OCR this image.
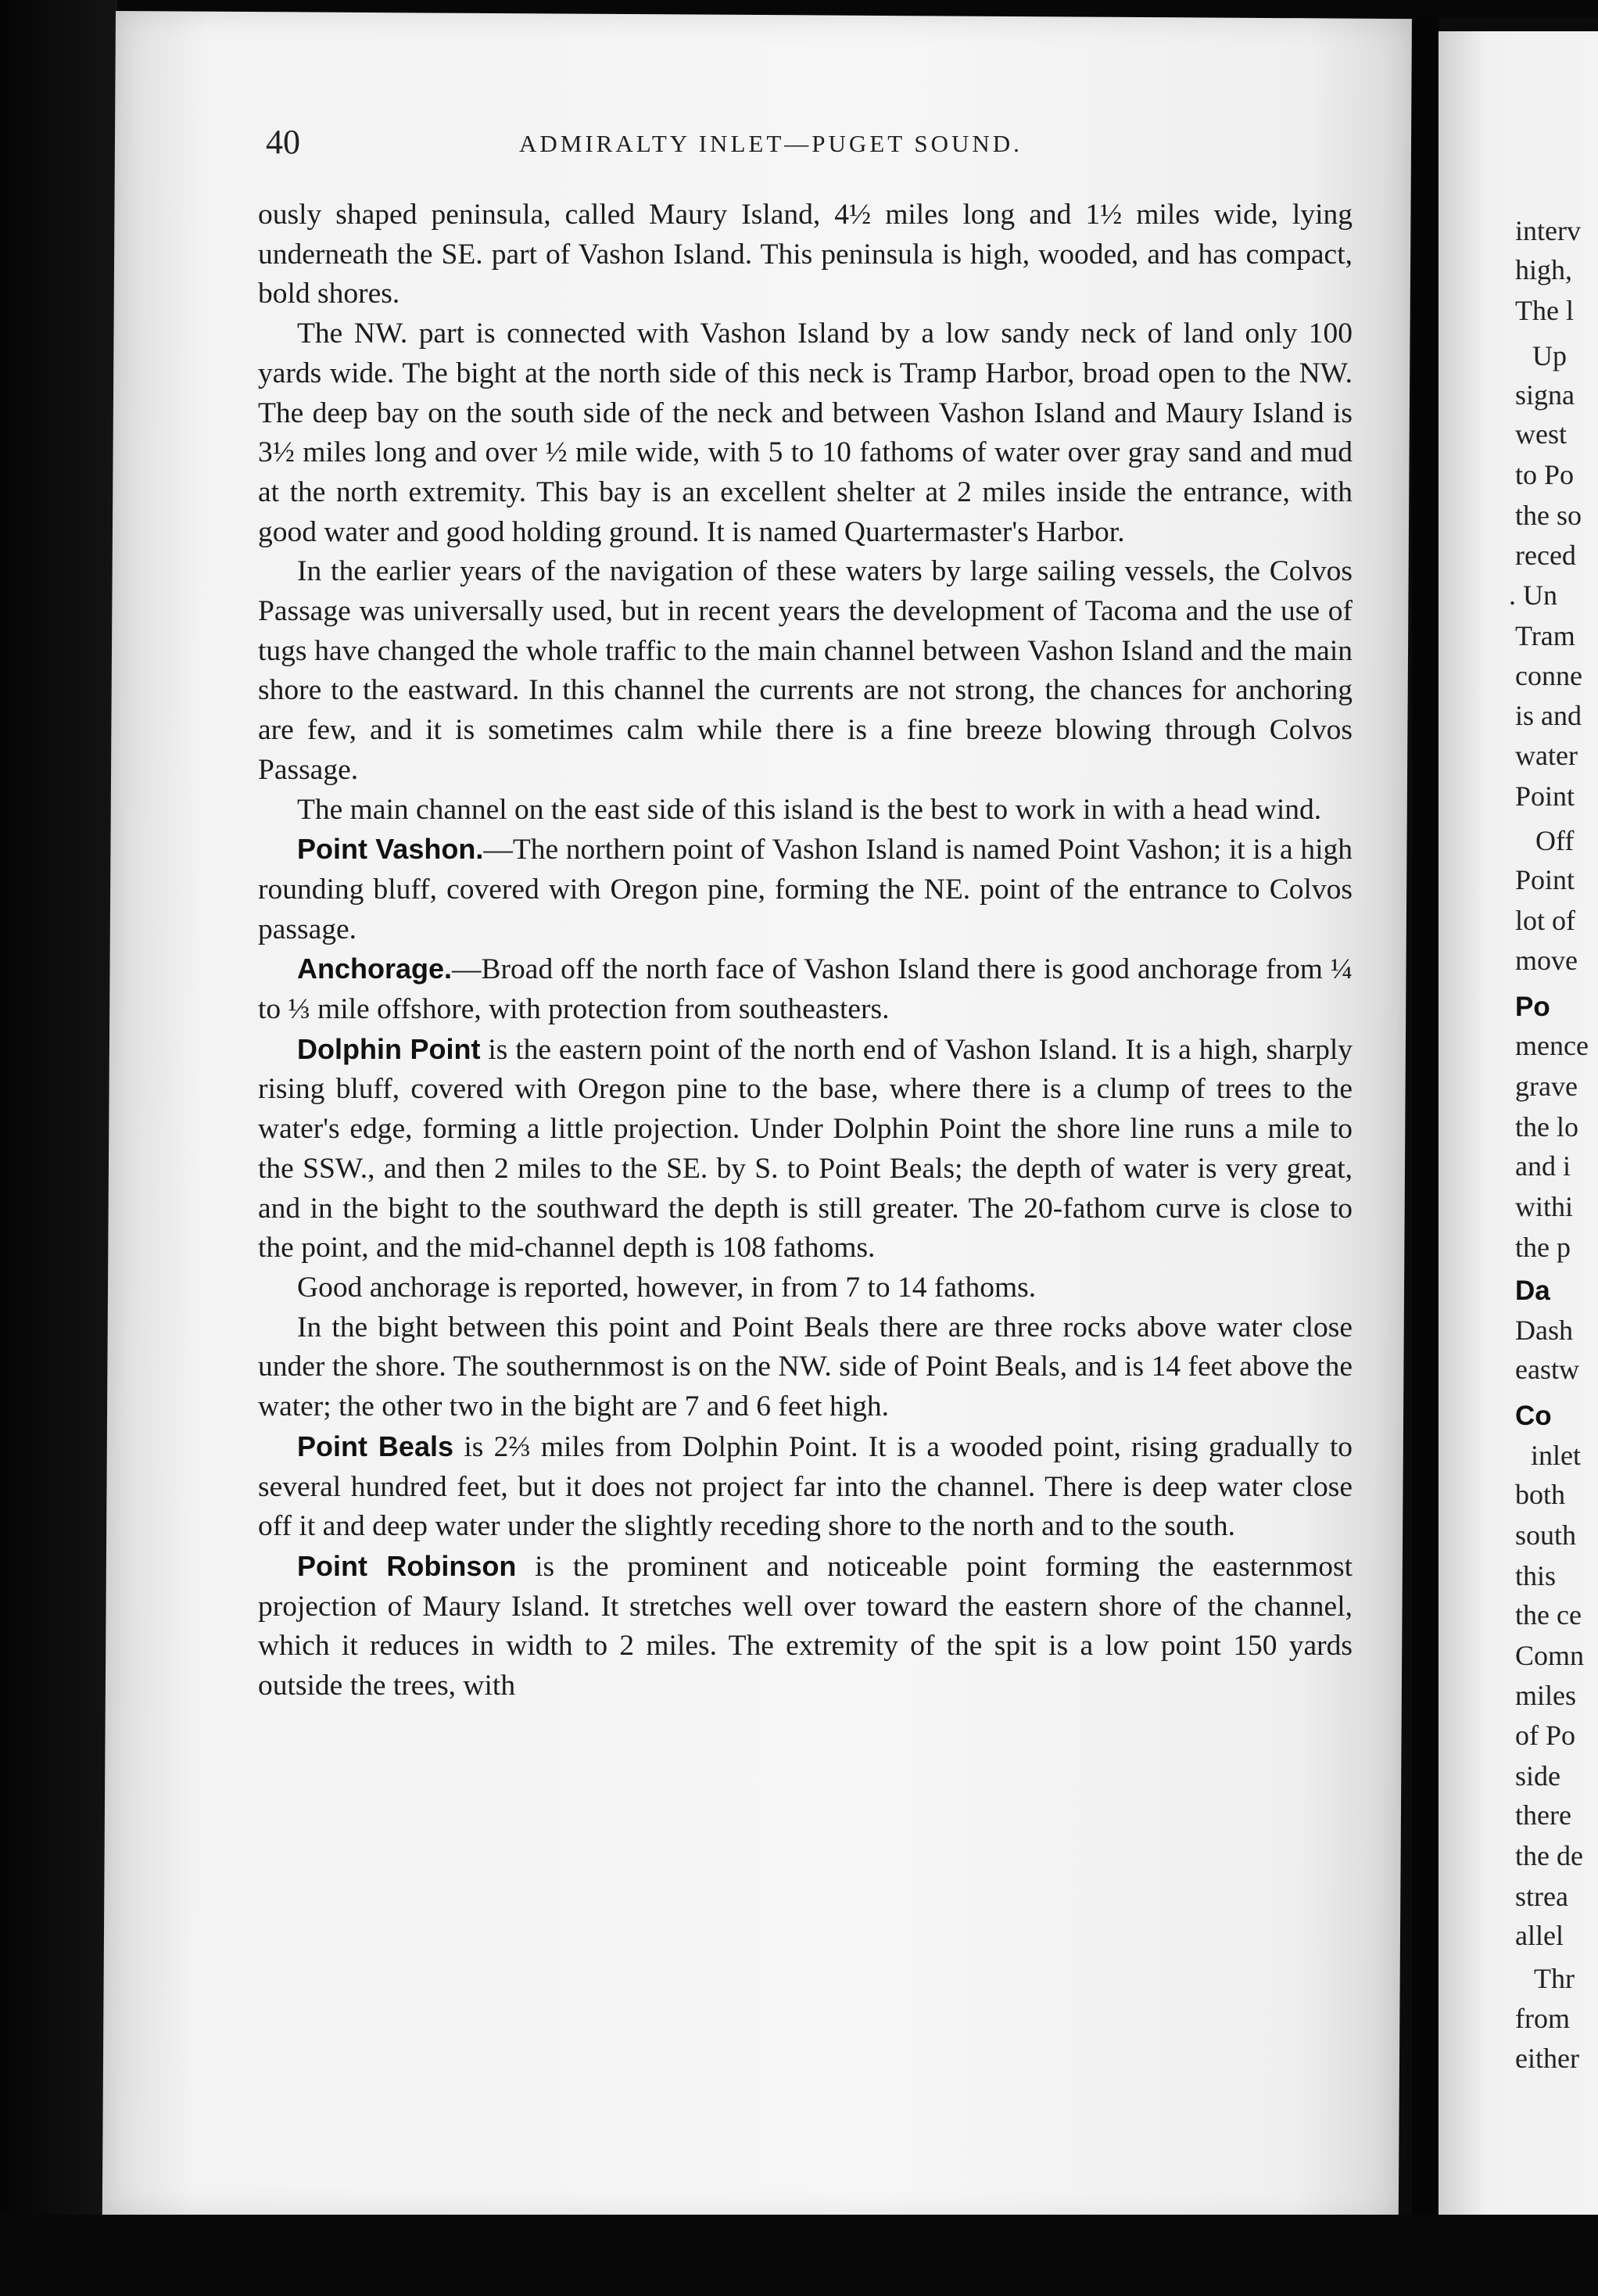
40	ADMIRALTY INLET—PUGET SOUND.

ously shaped peninsula, called Maury Island, 4½ miles long and 1½ miles wide, lying underneath the SE. part of Vashon Island. This peninsula is high, wooded, and has compact, bold shores.

The NW. part is connected with Vashon Island by a low sandy neck of land only 100 yards wide. The bight at the north side of this neck is Tramp Harbor, broad open to the NW. The deep bay on the south side of the neck and between Vashon Island and Maury Island is 3½ miles long and over ½ mile wide, with 5 to 10 fathoms of water over gray sand and mud at the north extremity. This bay is an excellent shelter at 2 miles inside the entrance, with good water and good holding ground. It is named Quartermaster's Harbor.

In the earlier years of the navigation of these waters by large sailing vessels, the Colvos Passage was universally used, but in recent years the development of Tacoma and the use of tugs have changed the whole traffic to the main channel between Vashon Island and the main shore to the eastward. In this channel the currents are not strong, the chances for anchoring are few, and it is sometimes calm while there is a fine breeze blowing through Colvos Passage.

The main channel on the east side of this island is the best to work in with a head wind.

Point Vashon.—The northern point of Vashon Island is named Point Vashon; it is a high rounding bluff, covered with Oregon pine, forming the NE. point of the entrance to Colvos passage.

Anchorage.—Broad off the north face of Vashon Island there is good anchorage from ¼ to ⅓ mile offshore, with protection from southeasters.

Dolphin Point is the eastern point of the north end of Vashon Island. It is a high, sharply rising bluff, covered with Oregon pine to the base, where there is a clump of trees to the water's edge, forming a little projection. Under Dolphin Point the shore line runs a mile to the SSW., and then 2 miles to the SE. by S. to Point Beals; the depth of water is very great, and in the bight to the southward the depth is still greater. The 20-fathom curve is close to the point, and the mid-channel depth is 108 fathoms.

Good anchorage is reported, however, in from 7 to 14 fathoms.

In the bight between this point and Point Beals there are three rocks above water close under the shore. The southernmost is on the NW. side of Point Beals, and is 14 feet above the water; the other two in the bight are 7 and 6 feet high.

Point Beals is 2⅔ miles from Dolphin Point. It is a wooded point, rising gradually to several hundred feet, but it does not project far into the channel. There is deep water close off it and deep water under the slightly receding shore to the north and to the south.

Point Robinson is the prominent and noticeable point forming the easternmost projection of Maury Island. It stretches well over toward the eastern shore of the channel, which it reduces in width to 2 miles. The extremity of the spit is a low point 150 yards outside the trees, with

interv
high,
The l
Up
signa
west
to Po
the so
reced
. Un
Tram
conne
is and
water
Point
Off
Point
lot of
move
Po
mence
grave
the lo
and i
withi
the p
Da
Dash
eastw
Co
inlet
both
south
this
the ce
Comn
miles
of Po
side
there
the de
strea
allel
Thr
from
either
